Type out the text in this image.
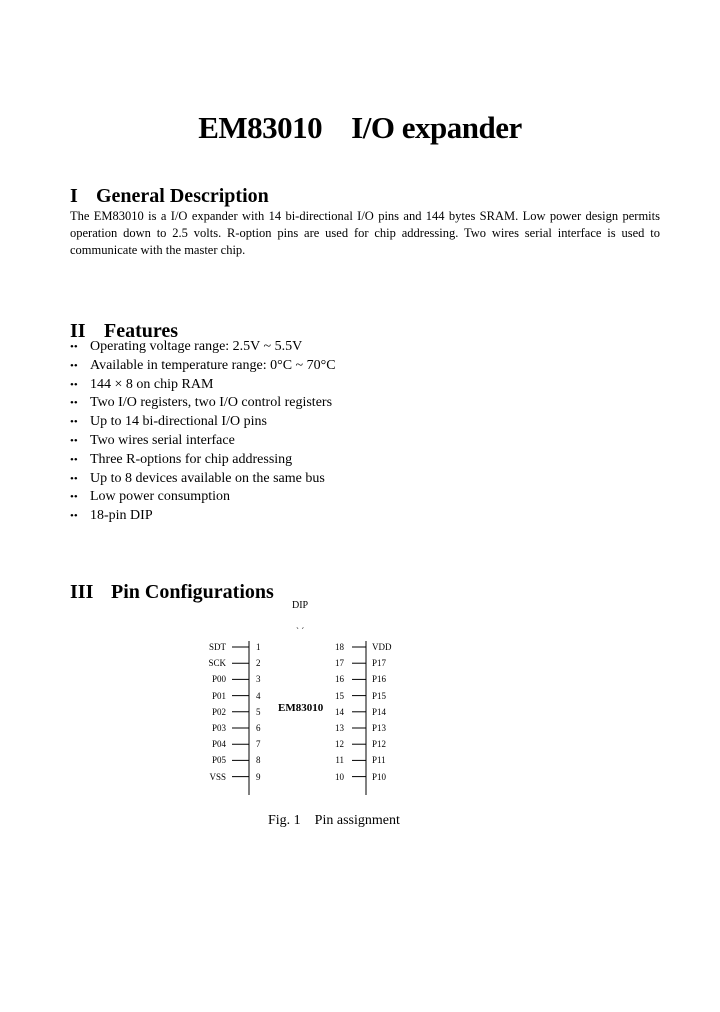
EM83010    I/O expander

I General Description

The EM83010 is a I/O expander with 14 bi-directional I/O pins and 144 bytes SRAM. Low power design permits operation down to 2.5 volts. R-option pins are used for chip addressing. Two wires serial interface is used to communicate with the master chip.

II Features

•• Operating voltage range: 2.5V ~ 5.5V
•• Available in temperature range: 0°C ~ 70°C
•• 144 × 8 on chip RAM
•• Two I/O registers, two I/O control registers
•• Up to 14 bi-directional I/O pins
•• Two wires serial interface
•• Three R-options for chip addressing
•• Up to 8 devices available on the same bus
•• Low power consumption
•• 18-pin DIP

III Pin Configurations

DIP
` ´
EM83010
SDT	1
SCK	2
P00	3
P01	4
P02	5
P03	6
P04	7
P05	8
VSS	9
18	VDD
17	P17
16	P16
15	P15
14	P14
13	P13
12	P12
11	P11
10	P10
Fig. 1    Pin assignment
